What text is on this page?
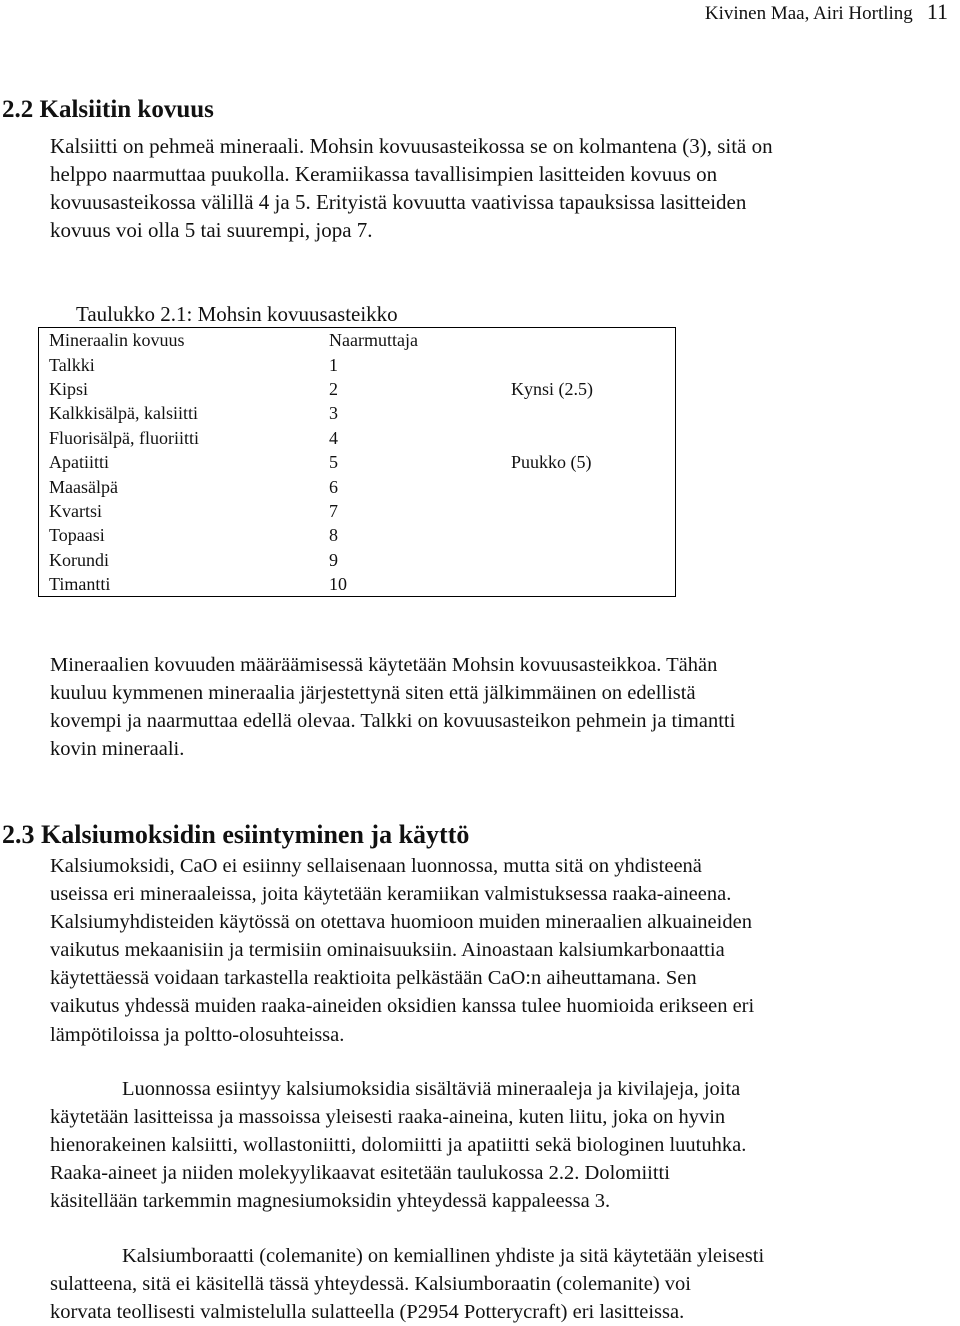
Kivinen Maa, Airi Hortling 11
2.2 Kalsiitin kovuus
Kalsiitti on pehmeä mineraali. Mohsin kovuusasteikossa se on kolmantena (3), sitä on
helppo naarmuttaa puukolla. Keramiikassa tavallisimpien lasitteiden kovuus on
kovuusasteikossa välillä 4 ja 5. Erityistä kovuutta vaativissa tapauksissa lasitteiden
kovuus voi olla 5 tai suurempi, jopa 7.
Taulukko 2.1: Mohsin kovuusasteikko
Mineraalin kovuus	Naarmuttaja	
Talkki	1	
Kipsi	2	Kynsi (2.5)
Kalkkisälpä, kalsiitti	3	
Fluorisälpä, fluoriitti	4	
Apatiitti	5	Puukko (5)
Maasälpä	6	
Kvartsi	7	
Topaasi	8	
Korundi	9	
Timantti	10	
Mineraalien kovuuden määräämisessä käytetään Mohsin kovuusasteikkoa. Tähän
kuuluu kymmenen mineraalia järjestettynä siten että jälkimmäinen on edellistä
kovempi ja naarmuttaa edellä olevaa. Talkki on kovuusasteikon pehmein ja timantti
kovin mineraali.
2.3 Kalsiumoksidin esiintyminen ja käyttö
Kalsiumoksidi, CaO ei esiinny sellaisenaan luonnossa, mutta sitä on yhdisteenä
useissa eri mineraaleissa, joita käytetään keramiikan valmistuksessa raaka-aineena.
Kalsiumyhdisteiden käytössä on otettava huomioon muiden mineraalien alkuaineiden
vaikutus mekaanisiin ja termisiin ominaisuuksiin. Ainoastaan kalsiumkarbonaattia
käytettäessä voidaan tarkastella reaktioita pelkästään CaO:n aiheuttamana. Sen
vaikutus yhdessä muiden raaka-aineiden oksidien kanssa tulee huomioida erikseen eri
lämpötiloissa ja poltto-olosuhteissa.
Luonnossa esiintyy kalsiumoksidia sisältäviä mineraaleja ja kivilajeja, joita
käytetään lasitteissa ja massoissa yleisesti raaka-aineina, kuten liitu, joka on hyvin
hienorakeinen kalsiitti, wollastoniitti, dolomiitti ja apatiitti sekä biologinen luutuhka.
Raaka-aineet ja niiden molekyylikaavat esitetään taulukossa 2.2. Dolomiitti
käsitellään tarkemmin magnesiumoksidin yhteydessä kappaleessa 3.
Kalsiumboraatti (colemanite) on kemiallinen yhdiste ja sitä käytetään yleisesti
sulatteena, sitä ei käsitellä tässä yhteydessä. Kalsiumboraatin (colemanite) voi
korvata teollisesti valmistelulla sulatteella (P2954 Potterycraft) eri lasitteissa.
